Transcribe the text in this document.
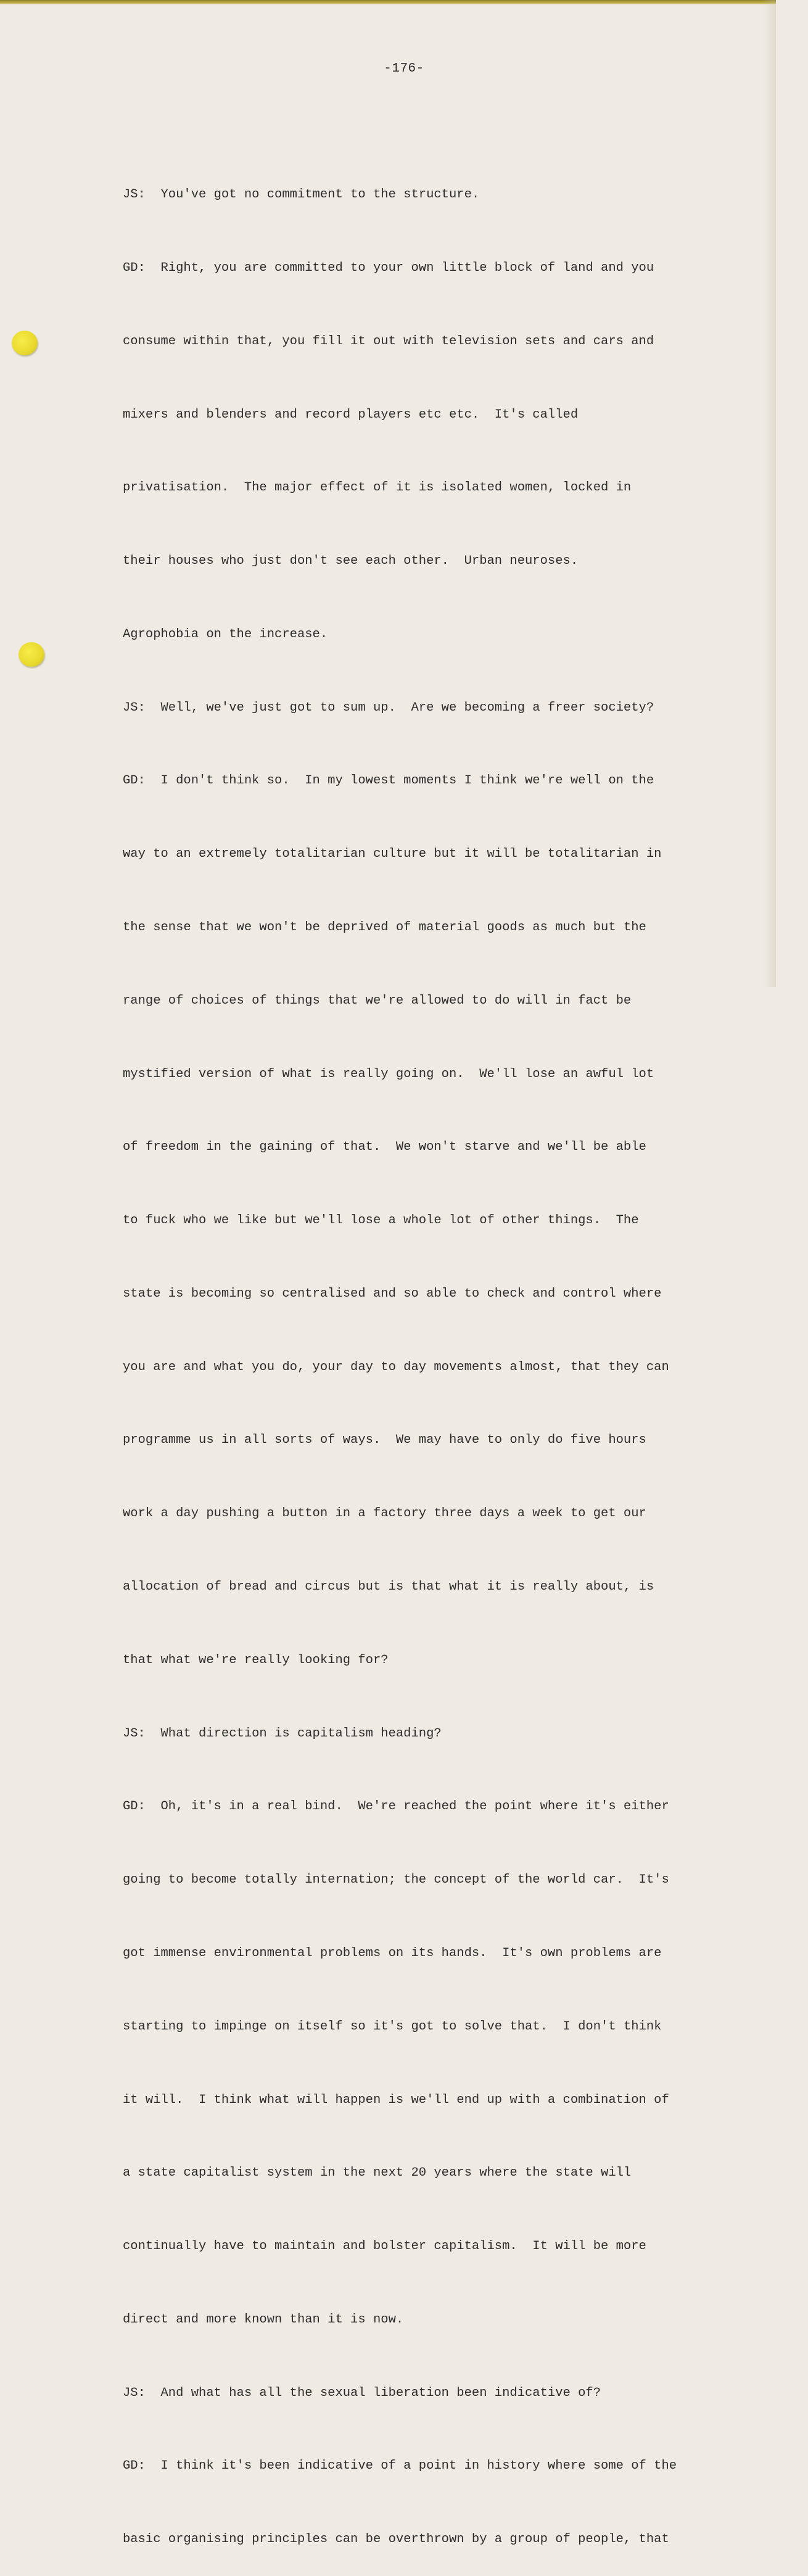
-176-

JS:  You've got no commitment to the structure.

GD:  Right, you are committed to your own little block of land and you

consume within that, you fill it out with television sets and cars and

mixers and blenders and record players etc etc.  It's called

privatisation.  The major effect of it is isolated women, locked in

their houses who just don't see each other.  Urban neuroses.

Agrophobia on the increase.

JS:  Well, we've just got to sum up.  Are we becoming a freer society?

GD:  I don't think so.  In my lowest moments I think we're well on the

way to an extremely totalitarian culture but it will be totalitarian in

the sense that we won't be deprived of material goods as much but the

range of choices of things that we're allowed to do will in fact be

mystified version of what is really going on.  We'll lose an awful lot

of freedom in the gaining of that.  We won't starve and we'll be able

to fuck who we like but we'll lose a whole lot of other things.  The

state is becoming so centralised and so able to check and control where

you are and what you do, your day to day movements almost, that they can

programme us in all sorts of ways.  We may have to only do five hours

work a day pushing a button in a factory three days a week to get our

allocation of bread and circus but is that what it is really about, is

that what we're really looking for?

JS:  What direction is capitalism heading?

GD:  Oh, it's in a real bind.  We're reached the point where it's either

going to become totally internation; the concept of the world car.  It's

got immense environmental problems on its hands.  It's own problems are

starting to impinge on itself so it's got to solve that.  I don't think

it will.  I think what will happen is we'll end up with a combination of

a state capitalist system in the next 20 years where the state will

continually have to maintain and bolster capitalism.  It will be more

direct and more known than it is now.

JS:  And what has all the sexual liberation been indicative of?

GD:  I think it's been indicative of a point in history where some of the

basic organising principles can be overthrown by a group of people, that
